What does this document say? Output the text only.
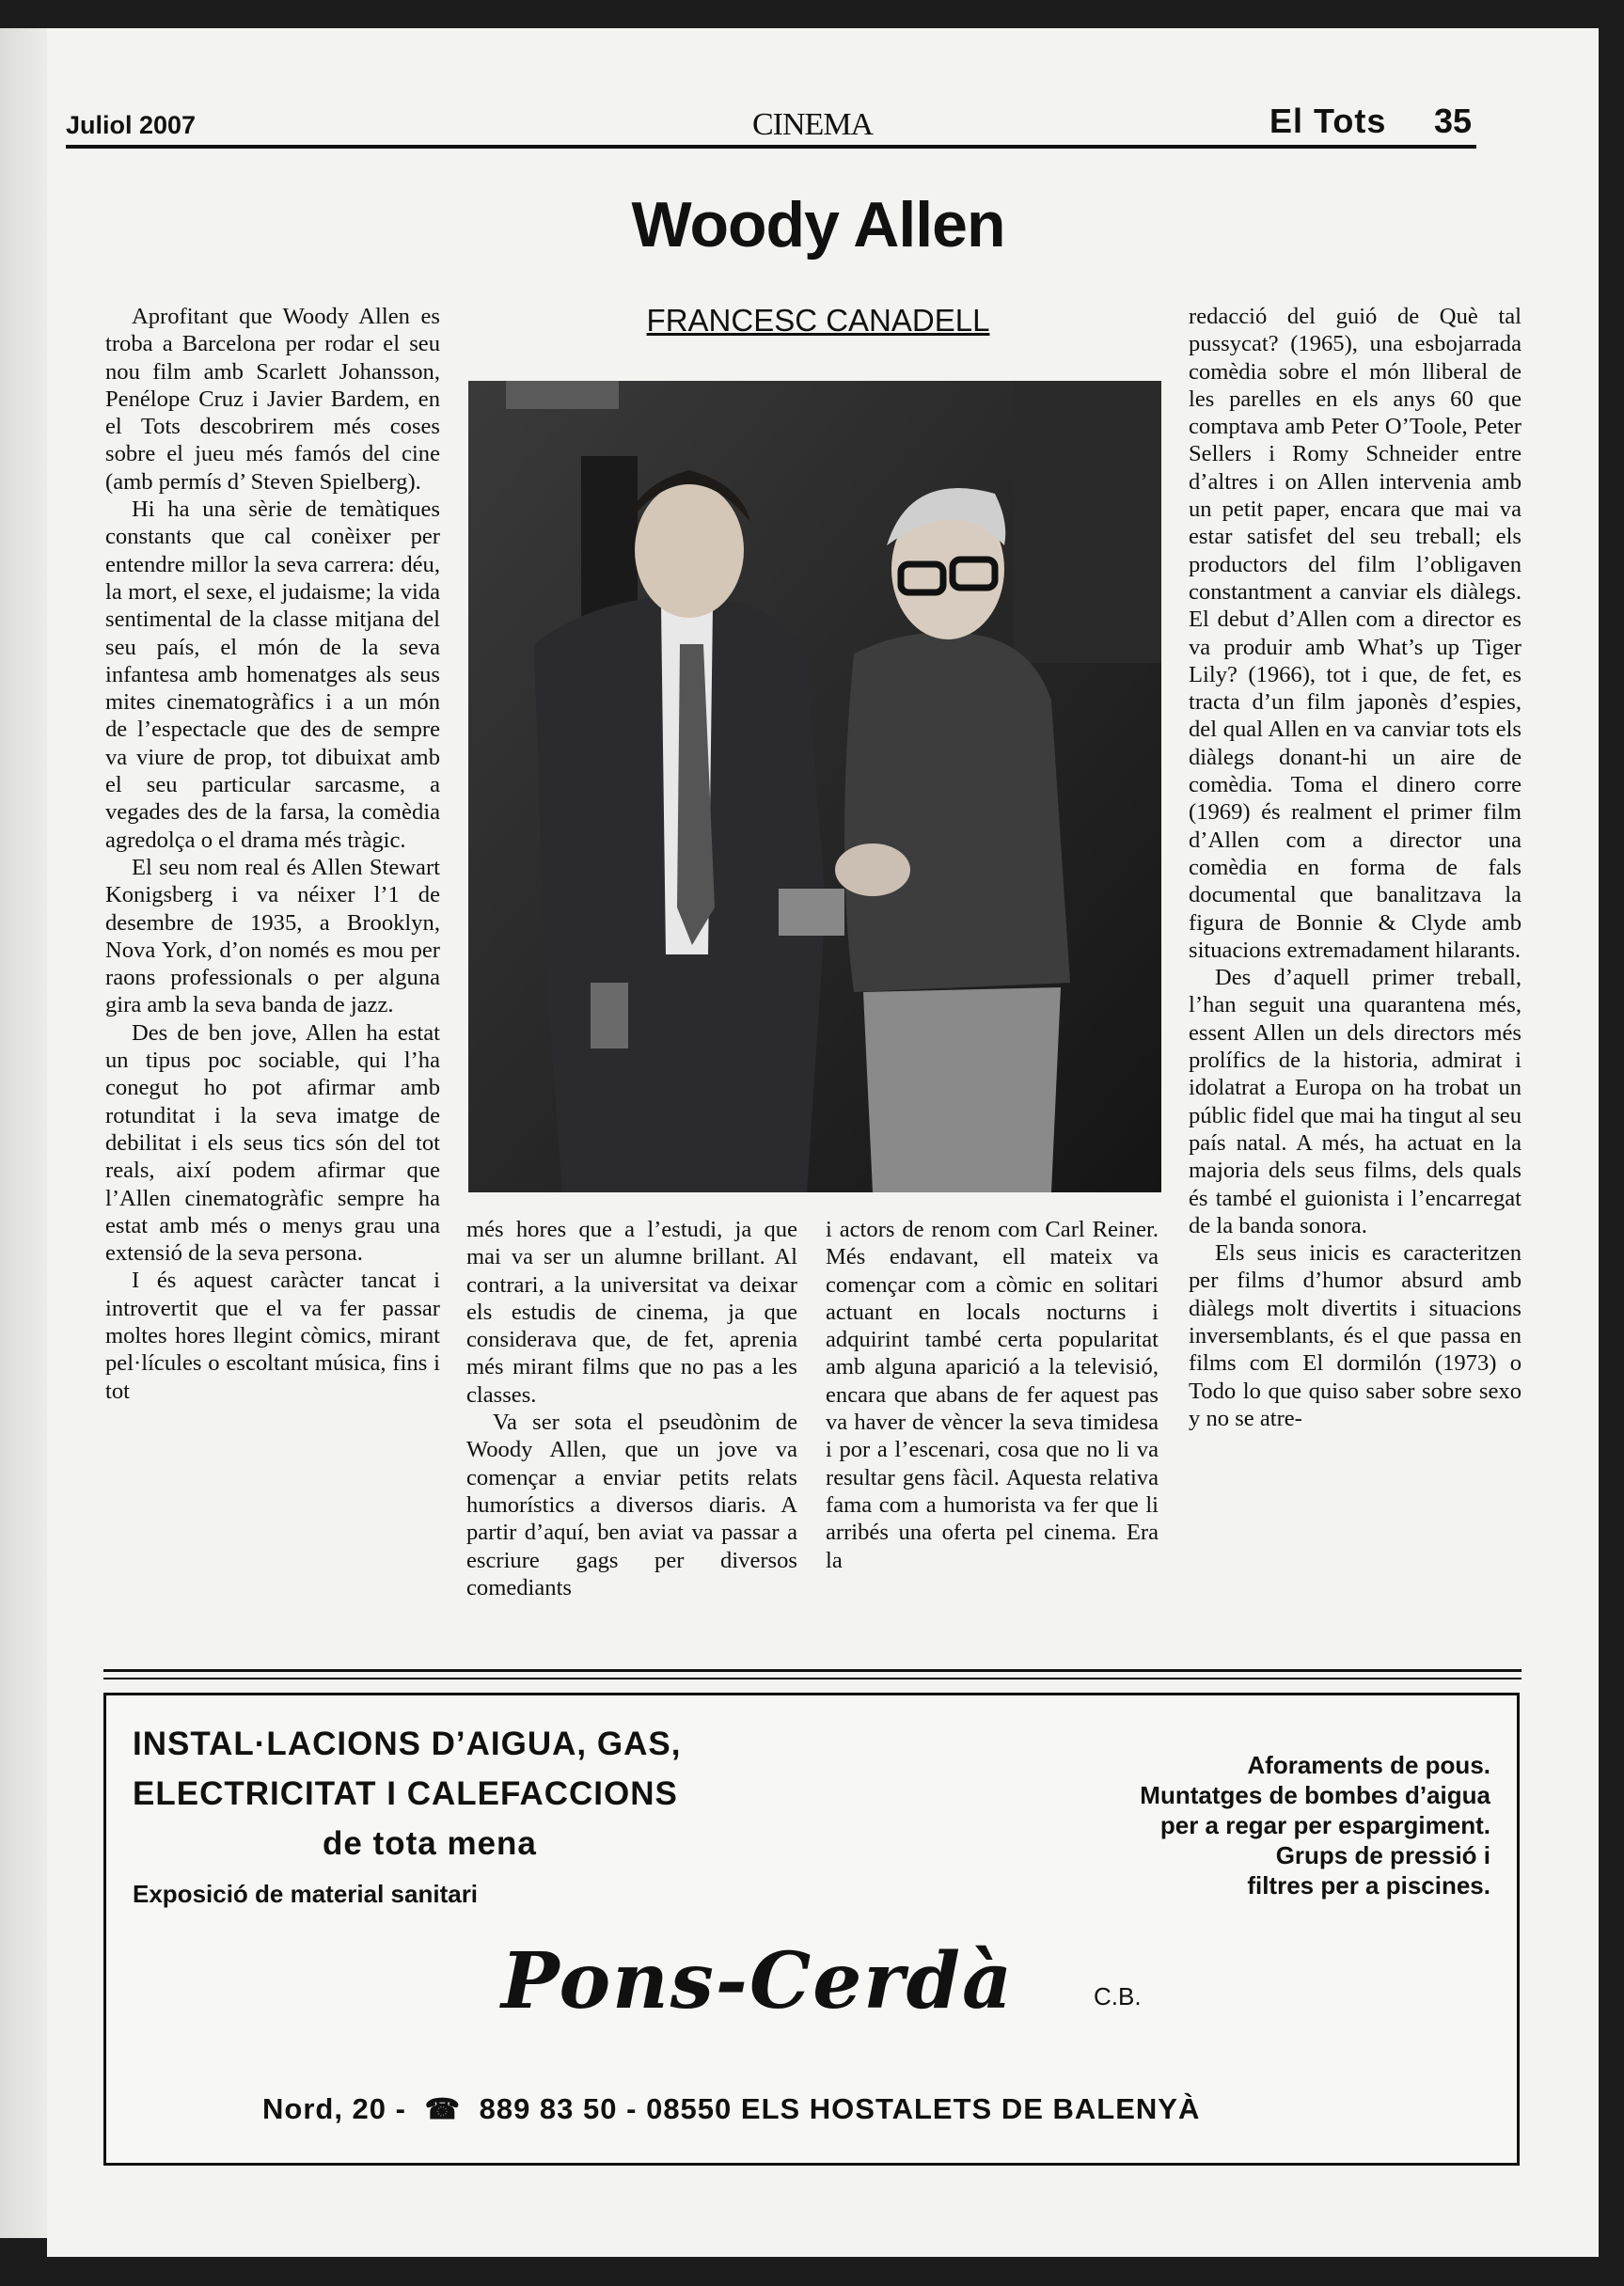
Juliol 2007	CINEMA	El Tots 35
Woody Allen
FRANCESC CANADELL

Aprofitant que Woody Allen es troba a Barcelona per rodar el seu nou film amb Scarlett Johansson, Penélope Cruz i Javier Bardem, en el Tots descobrirem més coses sobre el jueu més famós del cine (amb permís d’ Steven Spielberg).

Hi ha una sèrie de temàtiques constants que cal conèixer per entendre millor la seva carrera: déu, la mort, el sexe, el judaisme; la vida sentimental de la classe mitjana del seu país, el món de la seva infantesa amb homenatges als seus mites cinematogràfics i a un món de l’espectacle que des de sempre va viure de prop, tot dibuixat amb el seu particular sarcasme, a vegades des de la farsa, la comèdia agredolça o el drama més tràgic.

El seu nom real és Allen Stewart Konigsberg i va néixer l’1 de desembre de 1935, a Brooklyn, Nova York, d’on només es mou per raons professionals o per alguna gira amb la seva banda de jazz.

Des de ben jove, Allen ha estat un tipus poc sociable, qui l’ha conegut ho pot afirmar amb rotunditat i la seva imatge de debilitat i els seus tics són del tot reals, així podem afirmar que l’Allen cinematogràfic sempre ha estat amb més o menys grau una extensió de la seva persona.

I és aquest caràcter tancat i introvertit que el va fer passar moltes hores llegint còmics, mirant pel·lícules o escoltant música, fins i tot

més hores que a l’estudi, ja que mai va ser un alumne brillant. Al contrari, a la universitat va deixar els estudis de cinema, ja que considerava que, de fet, aprenia més mirant films que no pas a les classes.

Va ser sota el pseudònim de Woody Allen, que un jove va començar a enviar petits relats humorístics a diversos diaris. A partir d’aquí, ben aviat va passar a escriure gags per diversos comediants

i actors de renom com Carl Reiner. Més endavant, ell mateix va començar com a còmic en solitari actuant en locals nocturns i adquirint també certa popularitat amb alguna aparició a la televisió, encara que abans de fer aquest pas va haver de vèncer la seva timidesa i por a l’escenari, cosa que no li va resultar gens fàcil. Aquesta relativa fama com a humorista va fer que li arribés una oferta pel cinema. Era la

redacció del guió de Què tal pussycat? (1965), una esbojarrada comèdia sobre el món lliberal de les parelles en els anys 60 que comptava amb Peter O’Toole, Peter Sellers i Romy Schneider entre d’altres i on Allen intervenia amb un petit paper, encara que mai va estar satisfet del seu treball; els productors del film l’obligaven constantment a canviar els diàlegs. El debut d’Allen com a director es va produir amb What’s up Tiger Lily? (1966), tot i que, de fet, es tracta d’un film japonès d’espies, del qual Allen en va canviar tots els diàlegs donant-hi un aire de comèdia. Toma el dinero corre (1969) és realment el primer film d’Allen com a director una comèdia en forma de fals documental que banalitzava la figura de Bonnie & Clyde amb situacions extremadament hilarants.

Des d’aquell primer treball, l’han seguit una quarantena més, essent Allen un dels directors més prolífics de la historia, admirat i idolatrat a Europa on ha trobat un públic fidel que mai ha tingut al seu país natal. A més, ha actuat en la majoria dels seus films, dels quals és també el guionista i l’encarregat de la banda sonora.

Els seus inicis es caracteritzen per films d’humor absurd amb diàlegs molt divertits i situacions inversemblants, és el que passa en films com El dormilón (1973) o Todo lo que quiso saber sobre sexo y no se atre-

INSTAL·LACIONS D’AIGUA, GAS,
ELECTRICITAT I CALEFACCIONS
de tota mena
Exposició de material sanitari
Aforaments de pous.
Muntatges de bombes d’aigua
per a regar per espargiment.
Grups de pressió i
filtres per a piscines.
Pons-Cerdà	C.B.
Nord, 20 - ☎ 889 83 50 - 08550 ELS HOSTALETS DE BALENYÀ
